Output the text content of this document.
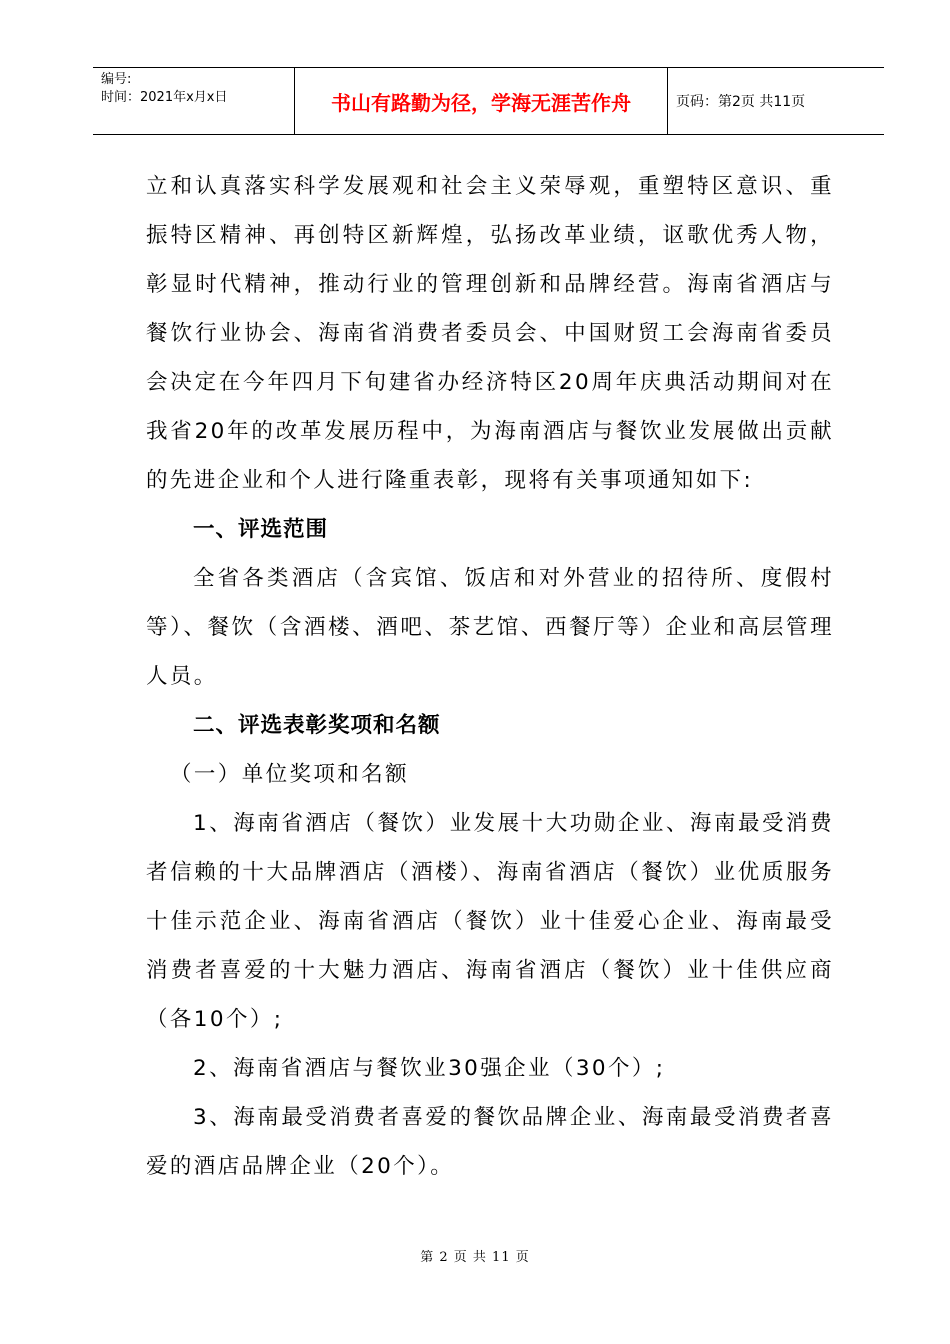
编号:
时间：2021年x月x日	书山有路勤为径，学海无涯苦作舟	页码：第2页 共11页

立和认真落实科学发展观和社会主义荣辱观，重塑特区意识、重振特区精神、再创特区新辉煌，弘扬改革业绩，讴歌优秀人物，彰显时代精神，推动行业的管理创新和品牌经营。海南省酒店与餐饮行业协会、海南省消费者委员会、中国财贸工会海南省委员会决定在今年四月下旬建省办经济特区20周年庆典活动期间对在我省20年的改革发展历程中，为海南酒店与餐饮业发展做出贡献的先进企业和个人进行隆重表彰，现将有关事项通知如下:

一、评选范围

全省各类酒店（含宾馆、饭店和对外营业的招待所、度假村等）、餐饮（含酒楼、酒吧、茶艺馆、西餐厅等）企业和高层管理人员。

二、评选表彰奖项和名额

（一）单位奖项和名额

1、海南省酒店（餐饮）业发展十大功勋企业、海南最受消费者信赖的十大品牌酒店（酒楼）、海南省酒店（餐饮）业优质服务十佳示范企业、海南省酒店（餐饮）业十佳爱心企业、海南最受消费者喜爱的十大魅力酒店、海南省酒店（餐饮）业十佳供应商（各10个）;

2、海南省酒店与餐饮业30强企业（30个）;

3、海南最受消费者喜爱的餐饮品牌企业、海南最受消费者喜爱的酒店品牌企业（20个）。

第 2 页 共 11 页
